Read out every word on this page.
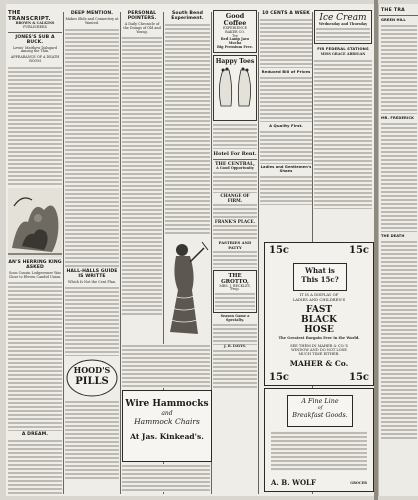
THE TRANSCRIPT.
BROWN & CALKINS
PUBLISHERS
JONES'S SUB A BUCK.
Lewis' Matthew Dalsgard Among the Thin.
APPEARANCE OF A DEATH ROOM
AN'S HERRING KING ASKED
Soon Cousin Lodgeowner Was Close to Eleven Candid Union.
A DREAM.
DEEP MENTION.
Makes Slide and Connectiry at Wanted.
HALL-HALLS GUIDE IS WRITTE
Which Is Not the Cent Plan.
HOOD'S
PILLS
PERSONAL POINTERS.
A Daily Chronicle of the Doings of Old and Young.
South Bend Experiment.	Good Coffee
EXPERIENCE
BAKER CO.
Try
Red Lamp Javo Mocha
Big Premium Free.
Happy Toes
Hotel For Rent.
THE CENTRAL,
A Good Opportunity
CHANGE OF FIRM.
FRANK'S PLACE.
PASTRIES AND PATTY
THE GROTTO,
MRS. J. BECKLEY, Prop.
Season Game a Specialty.
J. B. DAVIS.
10 CENTS A WEEK
Reduced Bill of Prices
A Quality First.
Ladies and Gentlemen's Shoes
Ice Cream
Wednesday and Thursday
FIR FEDERAL STATIONS
MISS GRACE ARRIGAN
15c	15c
What is
This 15c?
IT IS A DISPLAY OF
LADIES AND CHILDREN'S
FAST
BLACK
HOSE
The Greatest Bargain Ever in the World.
SEE THEM IN MAHER & CO.'S
WINDOW AND DO NOT LOSE
MUCH TIME EITHER.
MAHER & Co.
15c	15c
Wire Hammocks
and
Hammock Chairs
At Jas. Kinkead's.
A Fine Line
of
Breakfast Goods.
A. B. WOLF	GROCER
THE TRA
GREEN HILL
MR. FREDERICK
THE DEATH
